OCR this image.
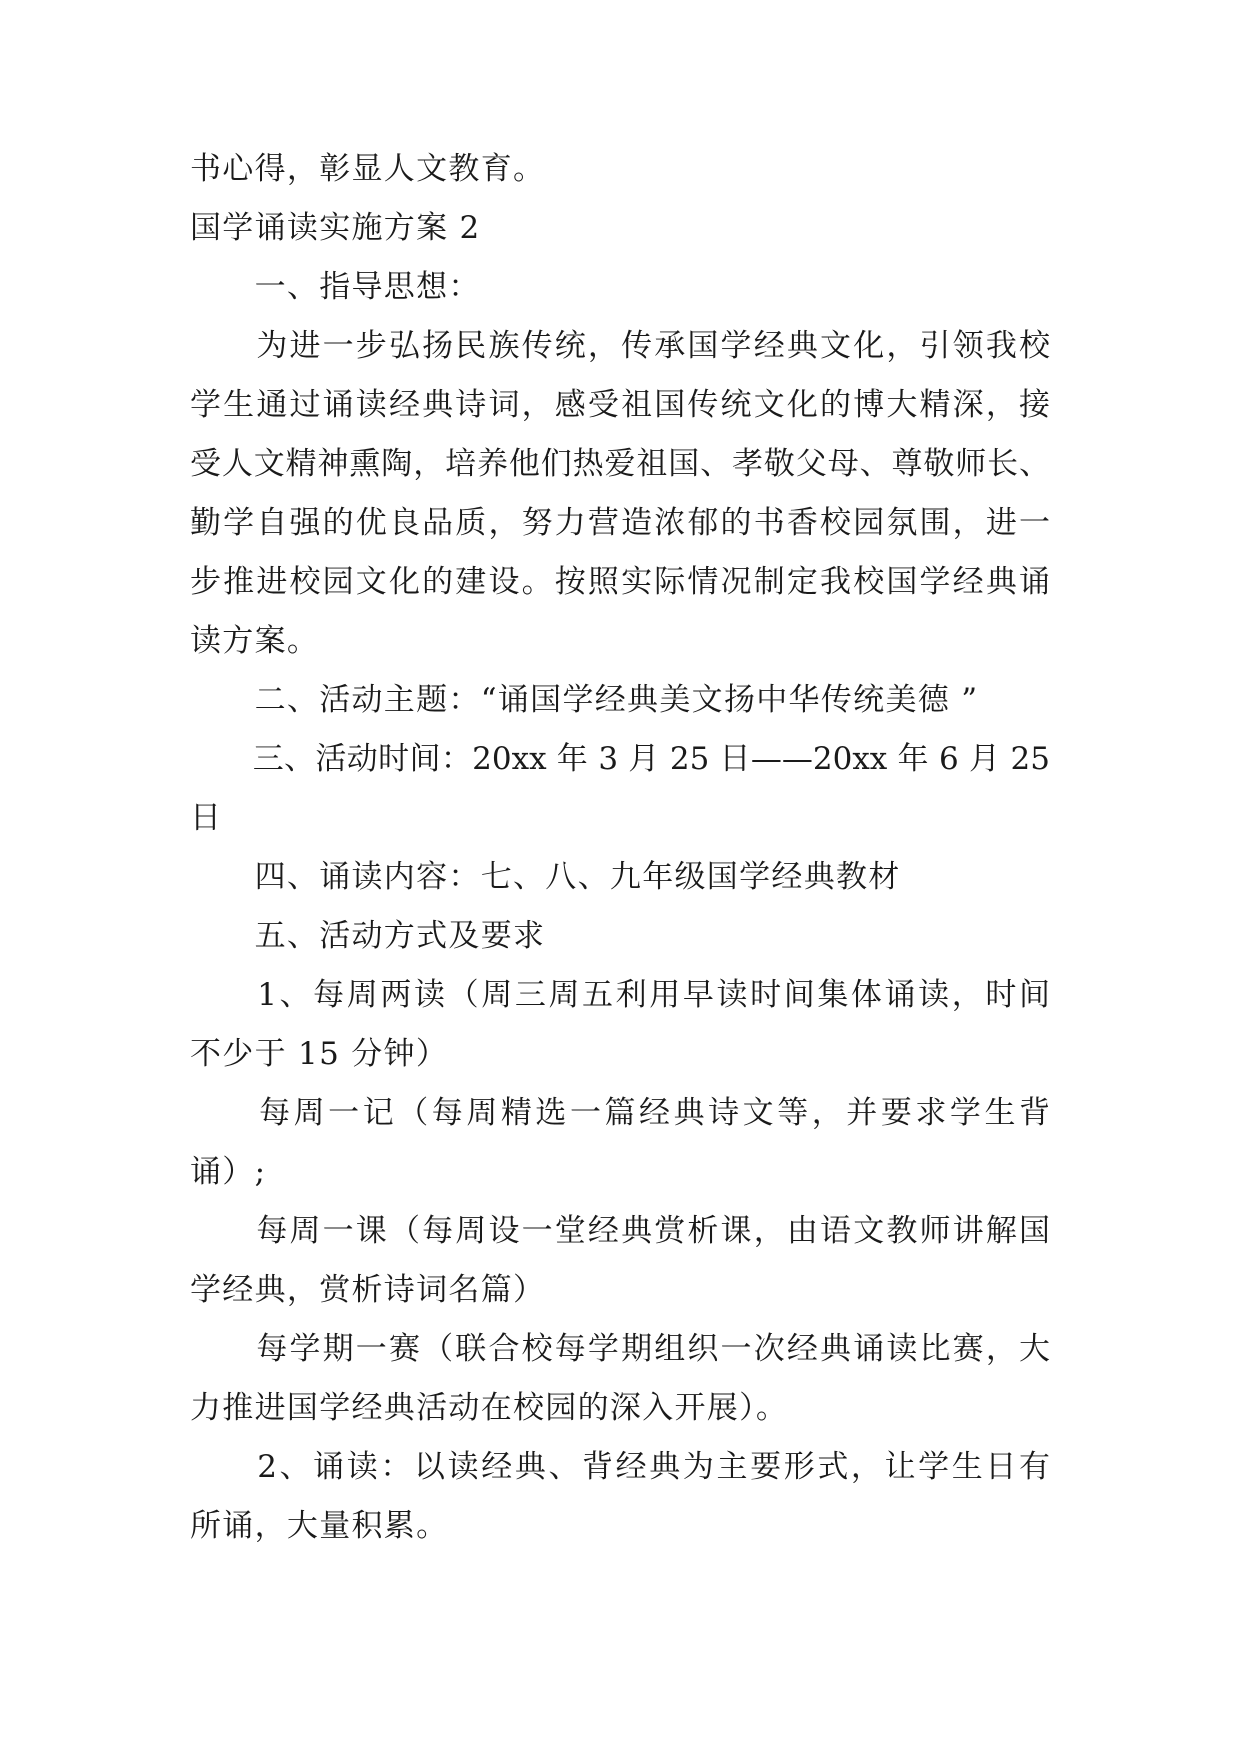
书心得，彰显人文教育。
国学诵读实施方案 2
　　一、指导思想：
　　为进一步弘扬民族传统，传承国学经典文化，引领我校
学生通过诵读经典诗词，感受祖国传统文化的博大精深，接
受人文精神熏陶，培养他们热爱祖国、孝敬父母、尊敬师长、
勤学自强的优良品质，努力营造浓郁的书香校园氛围，进一
步推进校园文化的建设。按照实际情况制定我校国学经典诵
读方案。
　　二、活动主题：“诵国学经典美文扬中华传统美德 ”
　　三、活动时间：20xx 年 3 月 25 日——20xx 年 6 月 25
日
　　四、诵读内容：七、八、九年级国学经典教材
　　五、活动方式及要求
　　1、每周两读（周三周五利用早读时间集体诵读，时间
不少于 15 分钟）
　　每周一记（每周精选一篇经典诗文等，并要求学生背
诵）;
　　每周一课（每周设一堂经典赏析课，由语文教师讲解国
学经典，赏析诗词名篇）
　　每学期一赛（联合校每学期组织一次经典诵读比赛，大
力推进国学经典活动在校园的深入开展）。
　　2、诵读：以读经典、背经典为主要形式，让学生日有
所诵，大量积累。
